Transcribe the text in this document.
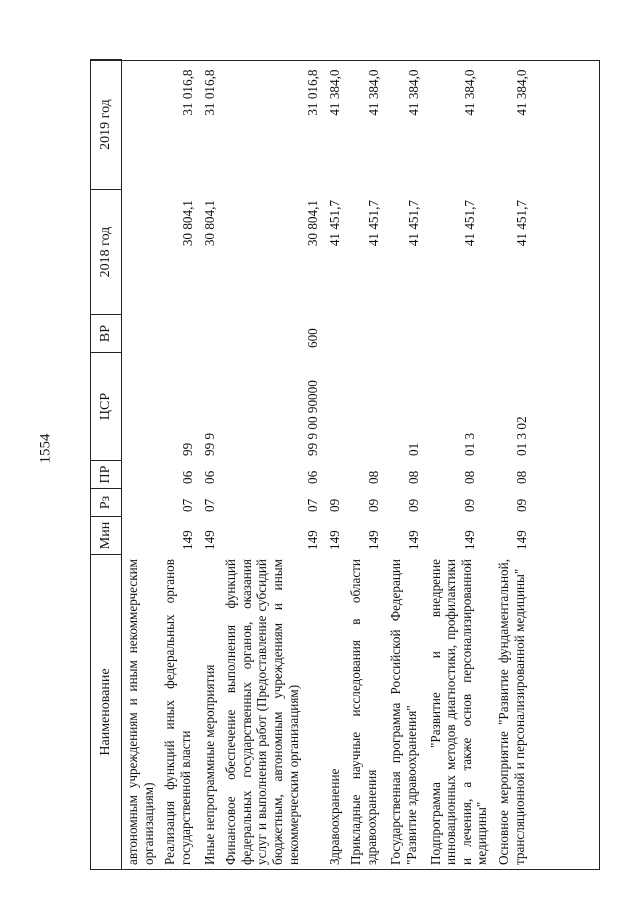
1554
Наименование	Мин	Рз	ПР	ЦСР	ВР	2018 год	2019 год
автономным учреждениям и иным некоммерческим организациям)							
Реализация функций иных федеральных органов государственной власти	149	07	06	99		30 804,1	31 016,8
Иные непрограммные мероприятия	149	07	06	99 9		30 804,1	31 016,8
Финансовое обеспечение выполнения функций федеральных государственных органов, оказания услуг и выполнения работ (Предоставление субсидий бюджетным, автономным учреждениям и иным некоммерческим организациям)	149	07	06	99 9 00 90000	600	30 804,1	31 016,8
Здравоохранение	149	09				41 451,7	41 384,0
Прикладные научные исследования в области здравоохранения	149	09	08			41 451,7	41 384,0
Государственная программа Российской Федерации "Развитие здравоохранения"	149	09	08	01		41 451,7	41 384,0
Подпрограмма "Развитие и внедрение инновационных методов диагностики, профилактики и лечения, а также основ персонализированной медицины"	149	09	08	01 3		41 451,7	41 384,0
Основное мероприятие "Развитие фундаментальной, трансляционной и персонализированной медицины"	149	09	08	01 3 02		41 451,7	41 384,0
